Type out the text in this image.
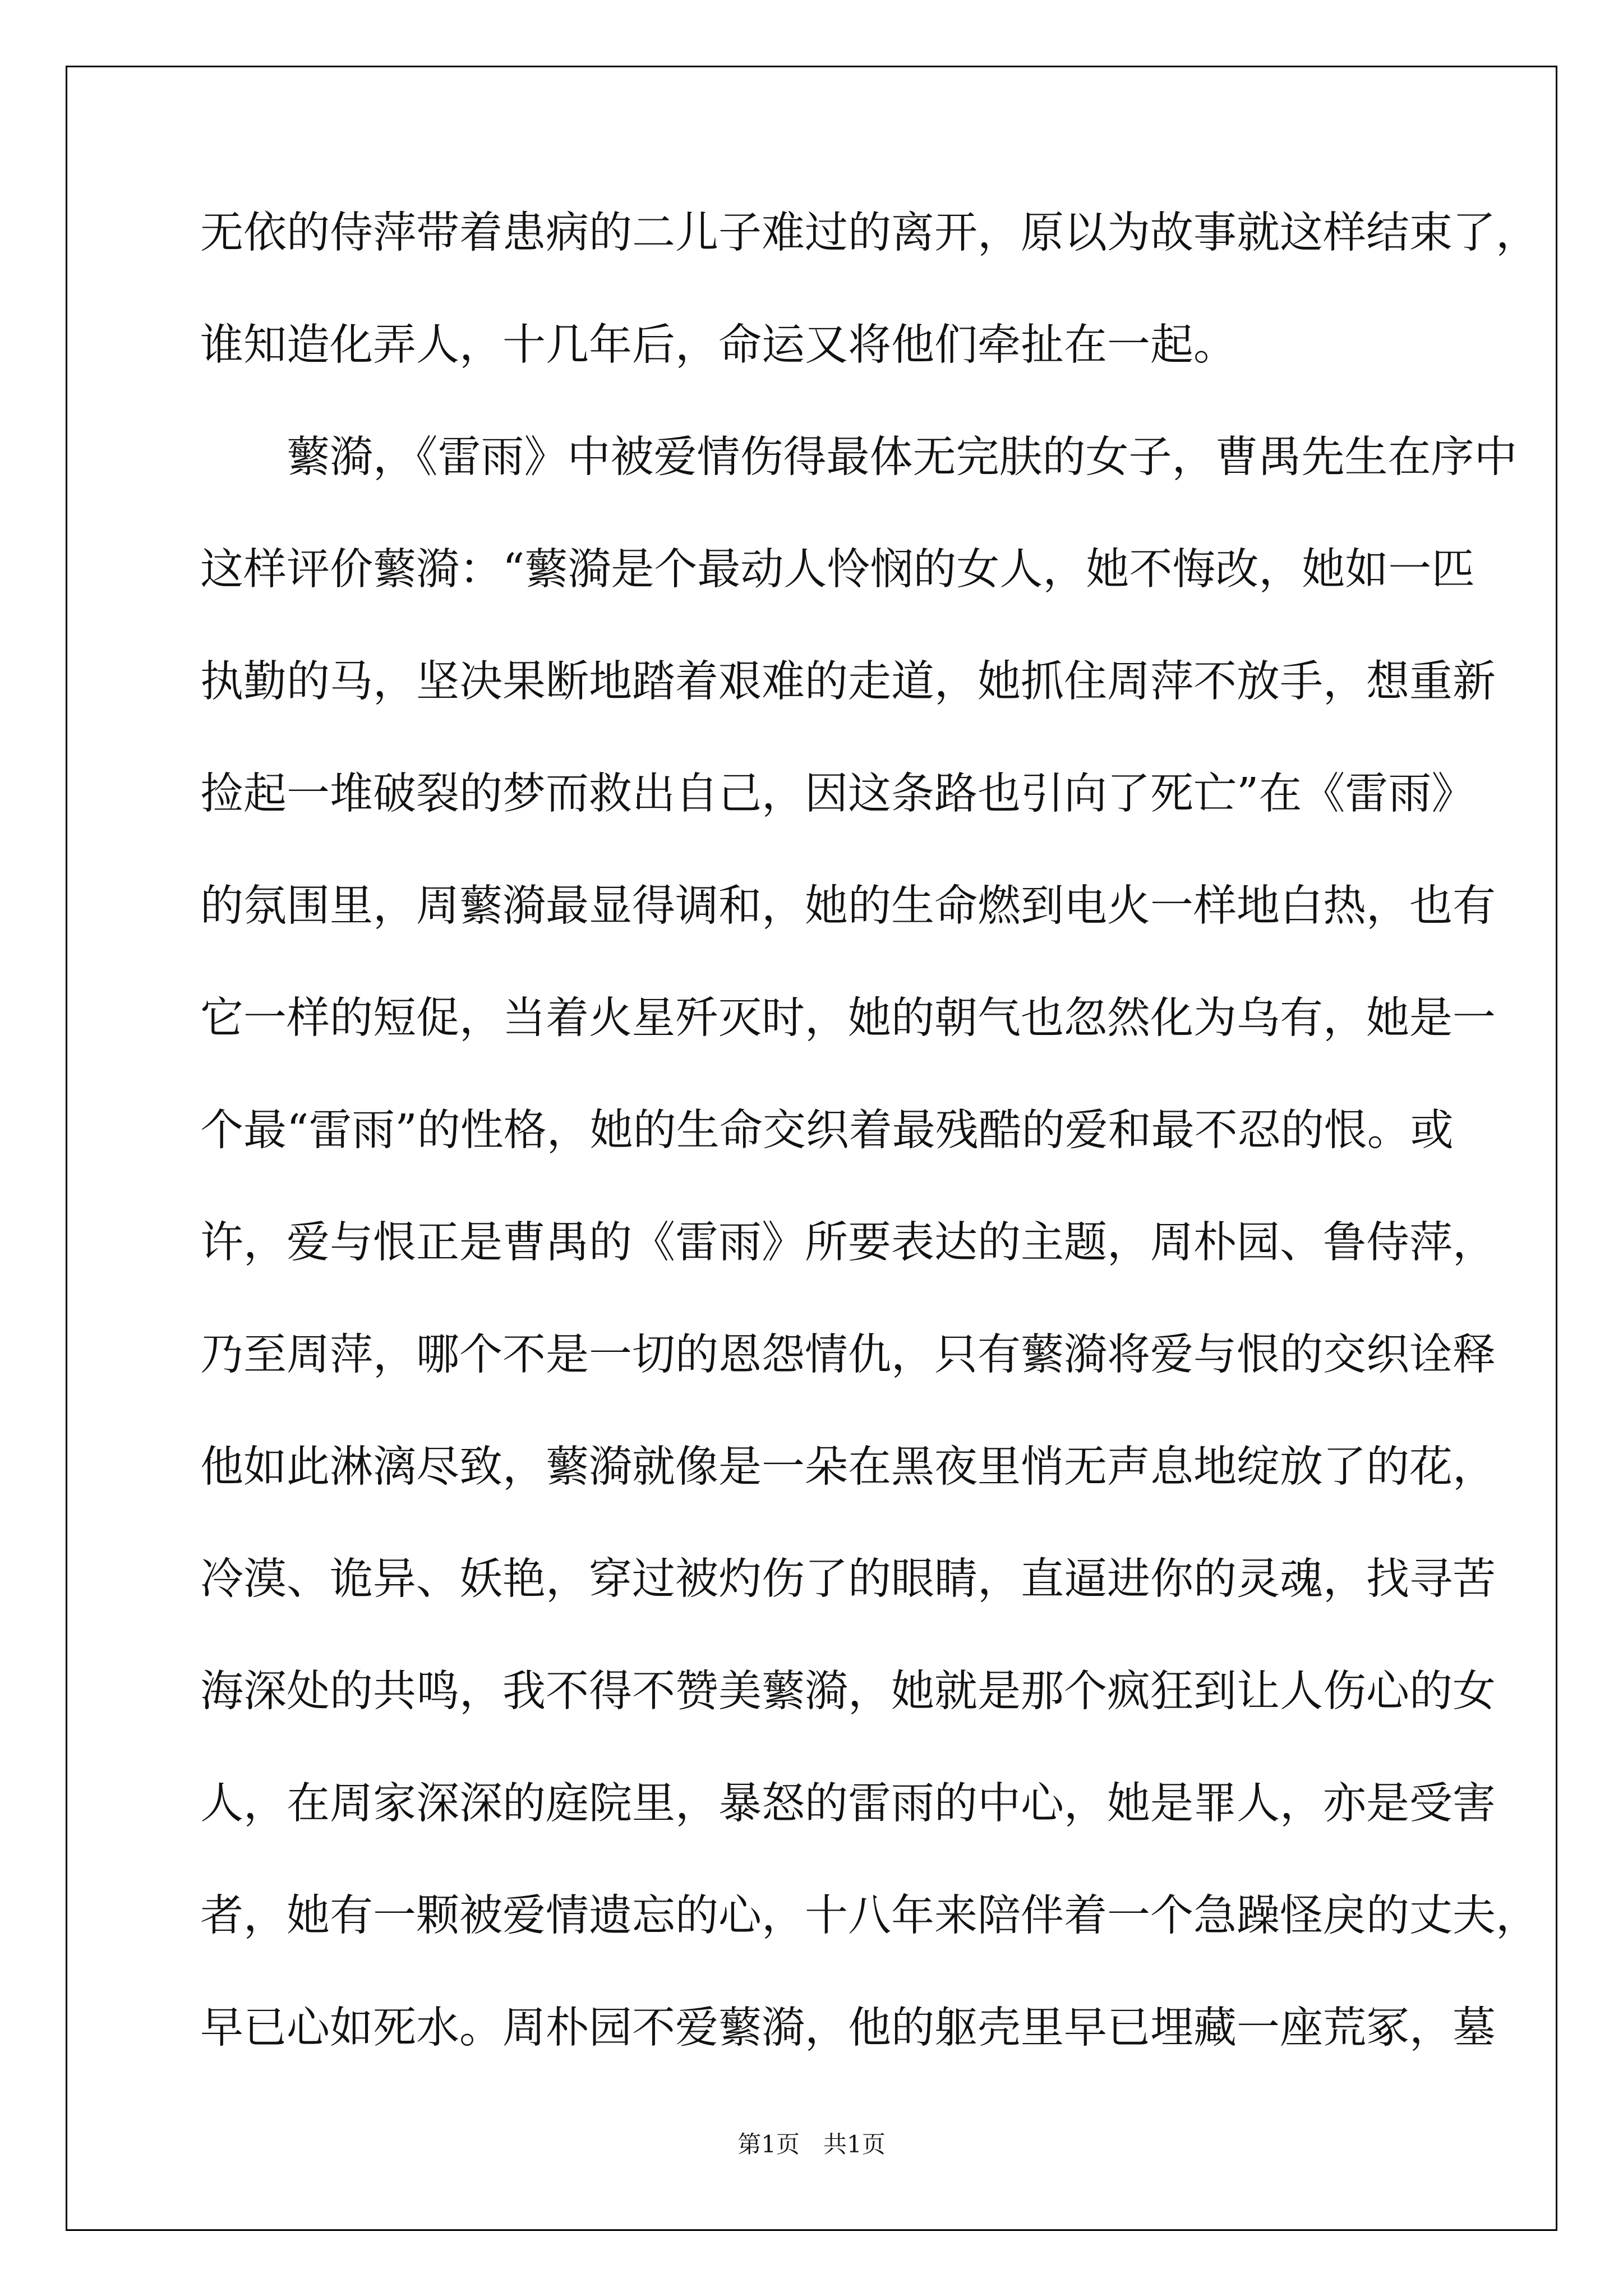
无依的侍萍带着患病的二儿子难过的离开，原以为故事就这样结束了，
谁知造化弄人，十几年后，命运又将他们牵扯在一起。
蘩漪，《雷雨》中被爱情伤得最体无完肤的女子，曹禺先生在序中
这样评价蘩漪：“蘩漪是个最动人怜悯的女人，她不悔改，她如一匹
执勤的马，坚决果断地踏着艰难的走道，她抓住周萍不放手，想重新
捡起一堆破裂的梦而救出自己，因这条路也引向了死亡”在《雷雨》
的氛围里，周蘩漪最显得调和，她的生命燃到电火一样地白热，也有
它一样的短促，当着火星歼灭时，她的朝气也忽然化为乌有，她是一
个最“雷雨”的性格，她的生命交织着最残酷的爱和最不忍的恨。或
许，爱与恨正是曹禺的《雷雨》所要表达的主题，周朴园、鲁侍萍，
乃至周萍，哪个不是一切的恩怨情仇，只有蘩漪将爱与恨的交织诠释
他如此淋漓尽致，蘩漪就像是一朵在黑夜里悄无声息地绽放了的花，
冷漠、诡异、妖艳，穿过被灼伤了的眼睛，直逼进你的灵魂，找寻苦
海深处的共鸣，我不得不赞美蘩漪，她就是那个疯狂到让人伤心的女
人，在周家深深的庭院里，暴怒的雷雨的中心，她是罪人，亦是受害
者，她有一颗被爱情遗忘的心，十八年来陪伴着一个急躁怪戾的丈夫，
早已心如死水。周朴园不爱蘩漪，他的躯壳里早已埋藏一座荒冢，墓
第1页　共1页
